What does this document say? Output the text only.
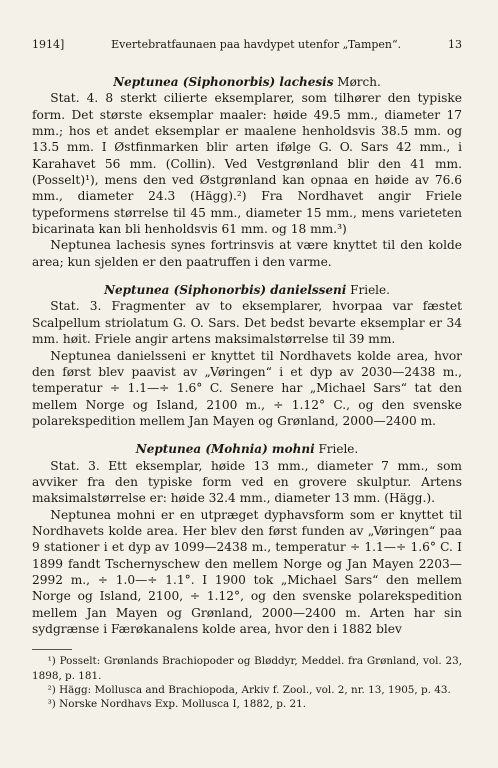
1914]	Evertebratfaunaen paa havdypet utenfor „Tampen“.	13
Neptunea (Siphonorbis) lachesis Mørch.

Stat. 4. 8 sterkt cilierte eksemplarer, som tilhører den typiske form. Det største eksemplar maaler: høide 49.5 mm., diameter 17 mm.; hos et andet eksemplar er maalene henholdsvis 38.5 mm. og 13.5 mm. I Østfinmarken blir arten ifølge G. O. Sars 42 mm., i Karahavet 56 mm. (Collin). Ved Vestgrønland blir den 41 mm. (Posselt)¹), mens den ved Østgrønland kan opnaa en høide av 76.6 mm., diameter 24.3 (Hägg).²) Fra Nordhavet angir Friele typeformens størrelse til 45 mm., diameter 15 mm., mens varieteten bicarinata kan bli henholdsvis 61 mm. og 18 mm.³)

Neptunea lachesis synes fortrinsvis at være knyttet til den kolde area; kun sjelden er den paatruffen i den varme.

Neptunea (Siphonorbis) danielsseni Friele.

Stat. 3. Fragmenter av to eksemplarer, hvorpaa var fæstet Scalpellum striolatum G. O. Sars. Det bedst bevarte eksemplar er 34 mm. høit. Friele angir artens maksimalstørrelse til 39 mm.

Neptunea danielsseni er knyttet til Nordhavets kolde area, hvor den først blev paavist av „Vøringen“ i et dyp av 2030—2438 m., temperatur ÷ 1.1—÷ 1.6° C. Senere har „Michael Sars“ tat den mellem Norge og Island, 2100 m., ÷ 1.12° C., og den svenske polarekspedition mellem Jan Mayen og Grønland, 2000—2400 m.

Neptunea (Mohnia) mohni Friele.

Stat. 3. Ett eksemplar, høide 13 mm., diameter 7 mm., som avviker fra den typiske form ved en grovere skulptur. Artens maksimalstørrelse er: høide 32.4 mm., diameter 13 mm. (Hägg.).

Neptunea mohni er en utpræget dyphavsform som er knyttet til Nordhavets kolde area. Her blev den først funden av „Vøringen“ paa 9 stationer i et dyp av 1099—2438 m., temperatur ÷ 1.1—÷ 1.6° C. I 1899 fandt Tschernyschew den mellem Norge og Jan Mayen 2203—2992 m., ÷ 1.0—÷ 1.1°. I 1900 tok „Michael Sars“ den mellem Norge og Island, 2100, ÷ 1.12°, og den svenske polarekspedition mellem Jan Mayen og Grønland, 2000—2400 m. Arten har sin sydgrænse i Færøkanalens kolde area, hvor den i 1882 blev

¹) Posselt: Grønlands Brachiopoder og Bløddyr, Meddel. fra Grønland, vol. 23, 1898, p. 181.

²) Hägg: Mollusca and Brachiopoda, Arkiv f. Zool., vol. 2, nr. 13, 1905, p. 43.

³) Norske Nordhavs Exp. Mollusca I, 1882, p. 21.
